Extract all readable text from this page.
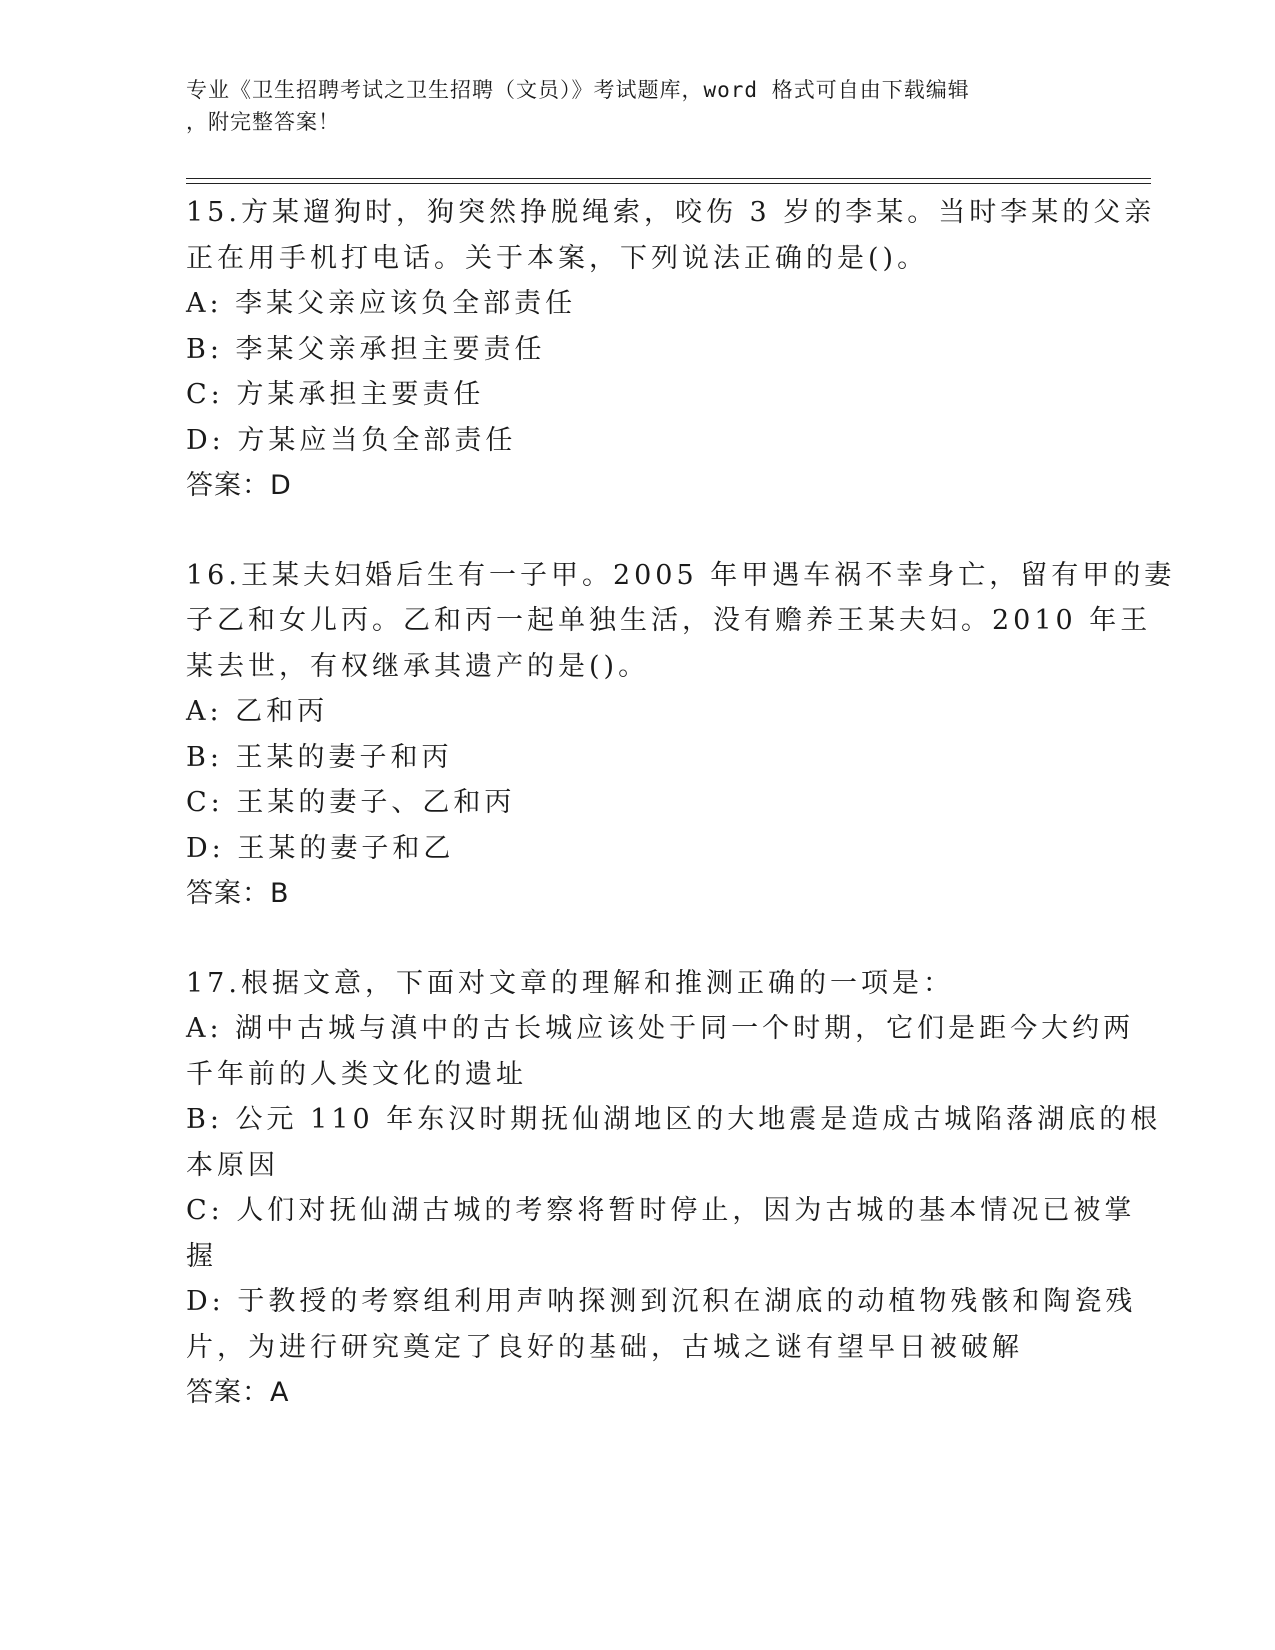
专业《卫生招聘考试之卫生招聘（文员）》考试题库，word 格式可自由下载编辑
，附完整答案！
15.方某遛狗时，狗突然挣脱绳索，咬伤 3 岁的李某。当时李某的父亲
正在用手机打电话。关于本案，下列说法正确的是()。
A: 李某父亲应该负全部责任
B: 李某父亲承担主要责任
C: 方某承担主要责任
D: 方某应当负全部责任
答案：D
16.王某夫妇婚后生有一子甲。2005 年甲遇车祸不幸身亡，留有甲的妻
子乙和女儿丙。乙和丙一起单独生活，没有赡养王某夫妇。2010 年王
某去世，有权继承其遗产的是()。
A: 乙和丙
B: 王某的妻子和丙
C: 王某的妻子、乙和丙
D: 王某的妻子和乙
答案：B
17.根据文意，下面对文章的理解和推测正确的一项是：
A: 湖中古城与滇中的古长城应该处于同一个时期，它们是距今大约两
千年前的人类文化的遗址
B: 公元 110 年东汉时期抚仙湖地区的大地震是造成古城陷落湖底的根
本原因
C: 人们对抚仙湖古城的考察将暂时停止，因为古城的基本情况已被掌
握
D: 于教授的考察组利用声呐探测到沉积在湖底的动植物残骸和陶瓷残
片，为进行研究奠定了良好的基础，古城之谜有望早日被破解
答案：A
